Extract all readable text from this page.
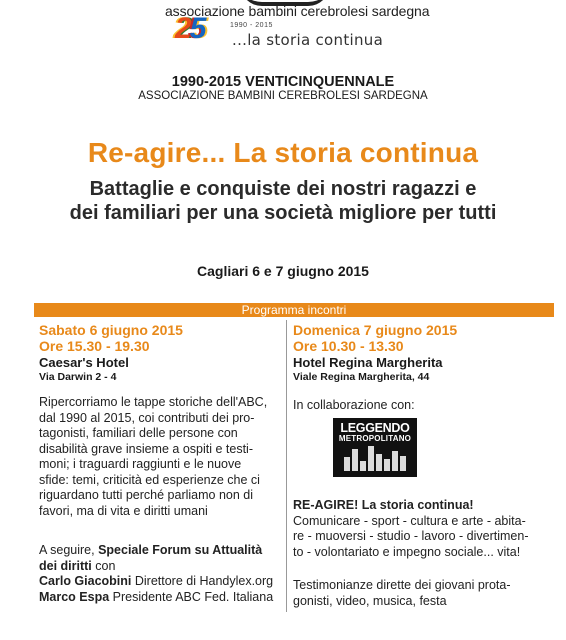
associazione bambini cerebrolesi sardegna
25	1990 - 2015
...la storia continua
1990-2015 VENTICINQUENNALE
ASSOCIAZIONE BAMBINI CEREBROLESI SARDEGNA
Re-agire... La storia continua
Battaglie e conquiste dei nostri ragazzi e
dei familiari per una società migliore per tutti
Cagliari 6 e 7 giugno 2015
Programma incontri
Sabato 6 giugno 2015
Ore 15.30 - 19.30
Caesar's Hotel
Via Darwin 2 - 4
Ripercorriamo le tappe storiche dell'ABC,
dal 1990 al 2015, coi contributi dei pro-
tagonisti, familiari delle persone con
disabilità grave insieme a ospiti e testi-
moni; i traguardi raggiunti e le nuove
sfide: temi, criticità ed esperienze che ci
riguardano tutti perché parliamo non di
favori, ma di vita e diritti umani
A seguire, Speciale Forum su Attualità
dei diritti con
Carlo Giacobini Direttore di Handylex.org
Marco Espa Presidente ABC Fed. Italiana
Domenica 7 giugno 2015
Ore 10.30 - 13.30
Hotel Regina Margherita
Viale Regina Margherita, 44
In collaborazione con:
LEGGENDO
METROPOLITANO
RE-AGIRE! La storia continua!
Comunicare - sport - cultura e arte - abita-
re - muoversi - studio - lavoro - divertimen-
to - volontariato e impegno sociale... vita!
Testimonianze dirette dei giovani prota-
gonisti, video, musica, festa
